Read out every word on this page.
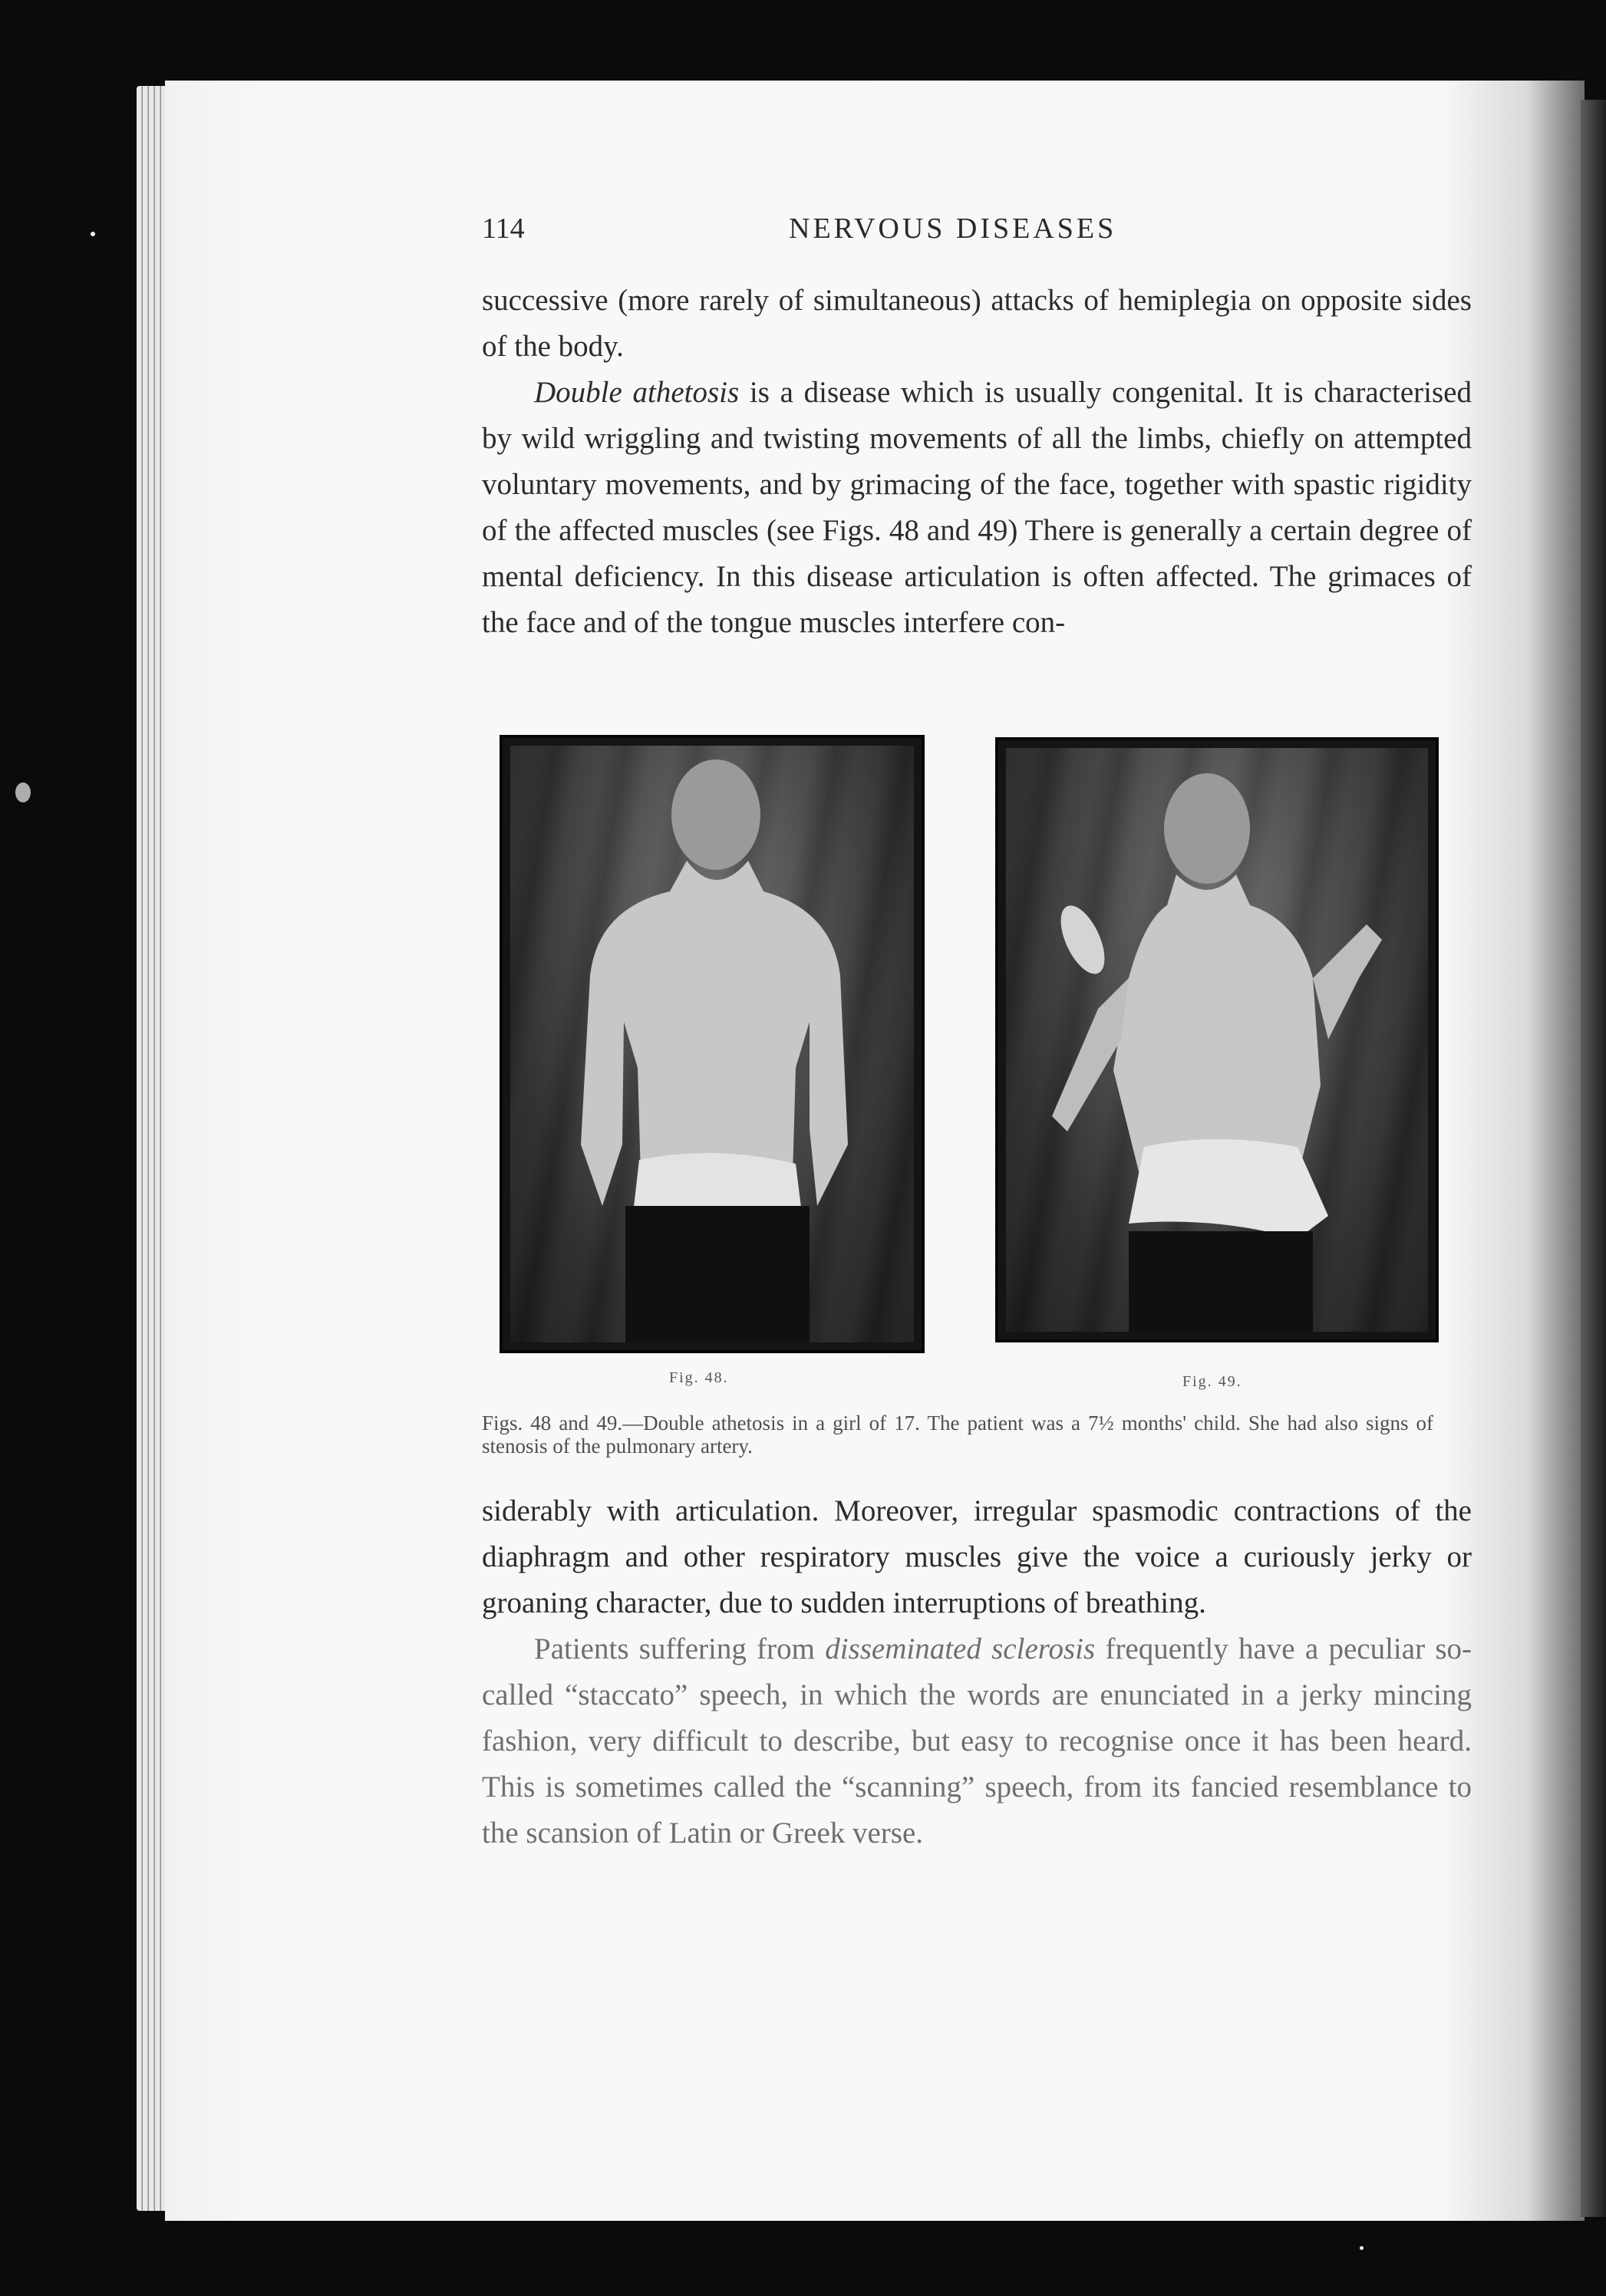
114	NERVOUS DISEASES

successive (more rarely of simultaneous) attacks of hemiplegia on opposite sides of the body.

Double athetosis is a disease which is usually congenital. It is characterised by wild wriggling and twisting movements of all the limbs, chiefly on attempted voluntary movements, and by grimacing of the face, together with spastic rigidity of the affected muscles (see Figs. 48 and 49) There is generally a certain degree of mental deficiency. In this disease articulation is often affected. The grimaces of the face and of the tongue muscles interfere con-

Fig. 48.	Fig. 49.
Figs. 48 and 49.—Double athetosis in a girl of 17. The patient was a 7½ months' child. She had also signs of stenosis of the pulmonary artery.

siderably with articulation. Moreover, irregular spasmodic contractions of the diaphragm and other respiratory muscles give the voice a curiously jerky or groaning character, due to sudden interruptions of breathing.

Patients suffering from disseminated sclerosis frequently have a peculiar so-called “staccato” speech, in which the words are enunciated in a jerky mincing fashion, very difficult to describe, but easy to recognise once it has been heard. This is sometimes called the “scanning” speech, from its fancied resemblance to the scansion of Latin or Greek verse.
